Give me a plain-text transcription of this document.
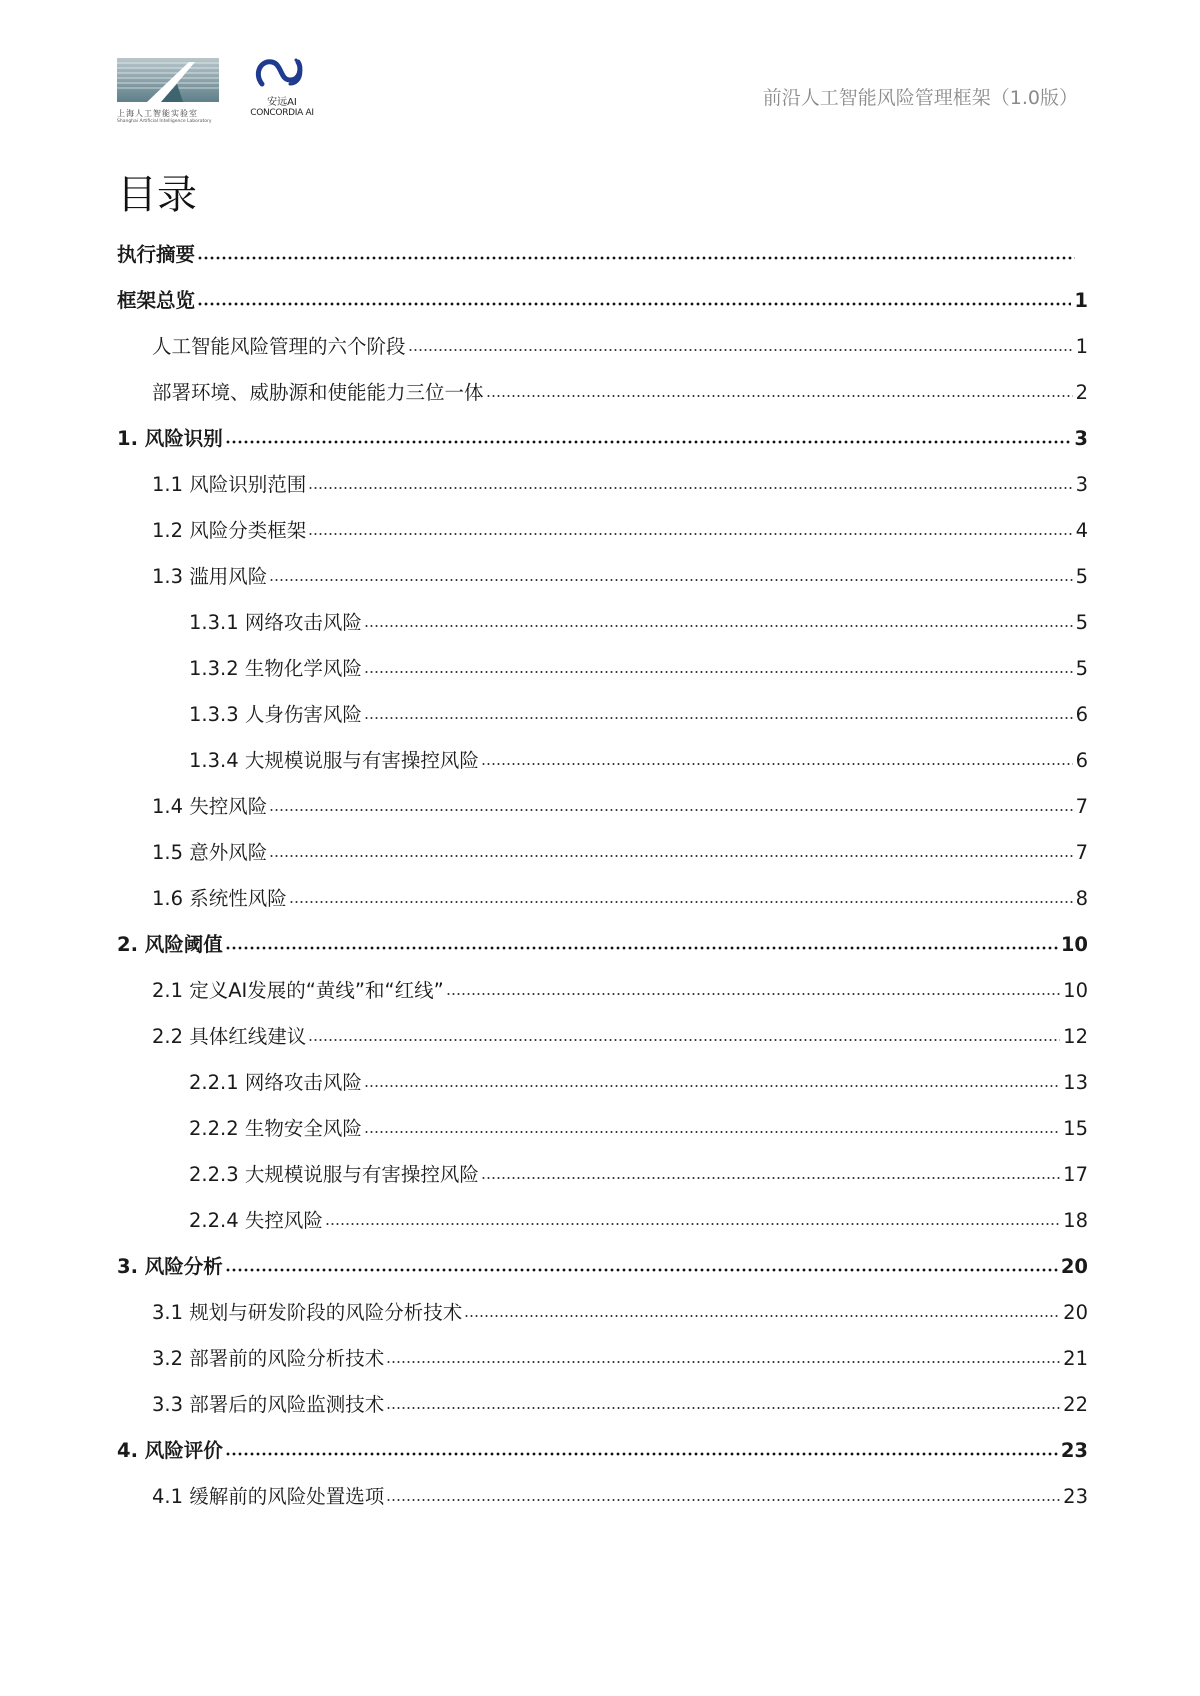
上海人工智能实验室
Shanghai Artificial Intelligence Laboratory
安远AI
CONCORDIA AI
前沿人工智能风险管理框架（1.0版）
目录
执行摘要
框架总览	1
人工智能风险管理的六个阶段	1
部署环境、威胁源和使能能力三位一体	2
1. 风险识别	3
1.1 风险识别范围	3
1.2 风险分类框架	4
1.3 滥用风险	5
1.3.1 网络攻击风险	5
1.3.2 生物化学风险	5
1.3.3 人身伤害风险	6
1.3.4 大规模说服与有害操控风险	6
1.4 失控风险	7
1.5 意外风险	7
1.6 系统性风险	8
2. 风险阈值	10
2.1 定义AI发展的“黄线”和“红线”	10
2.2 具体红线建议	12
2.2.1 网络攻击风险	13
2.2.2 生物安全风险	15
2.2.3 大规模说服与有害操控风险	17
2.2.4 失控风险	18
3. 风险分析	20
3.1 规划与研发阶段的风险分析技术	20
3.2 部署前的风险分析技术	21
3.3 部署后的风险监测技术	22
4. 风险评价	23
4.1 缓解前的风险处置选项	23
